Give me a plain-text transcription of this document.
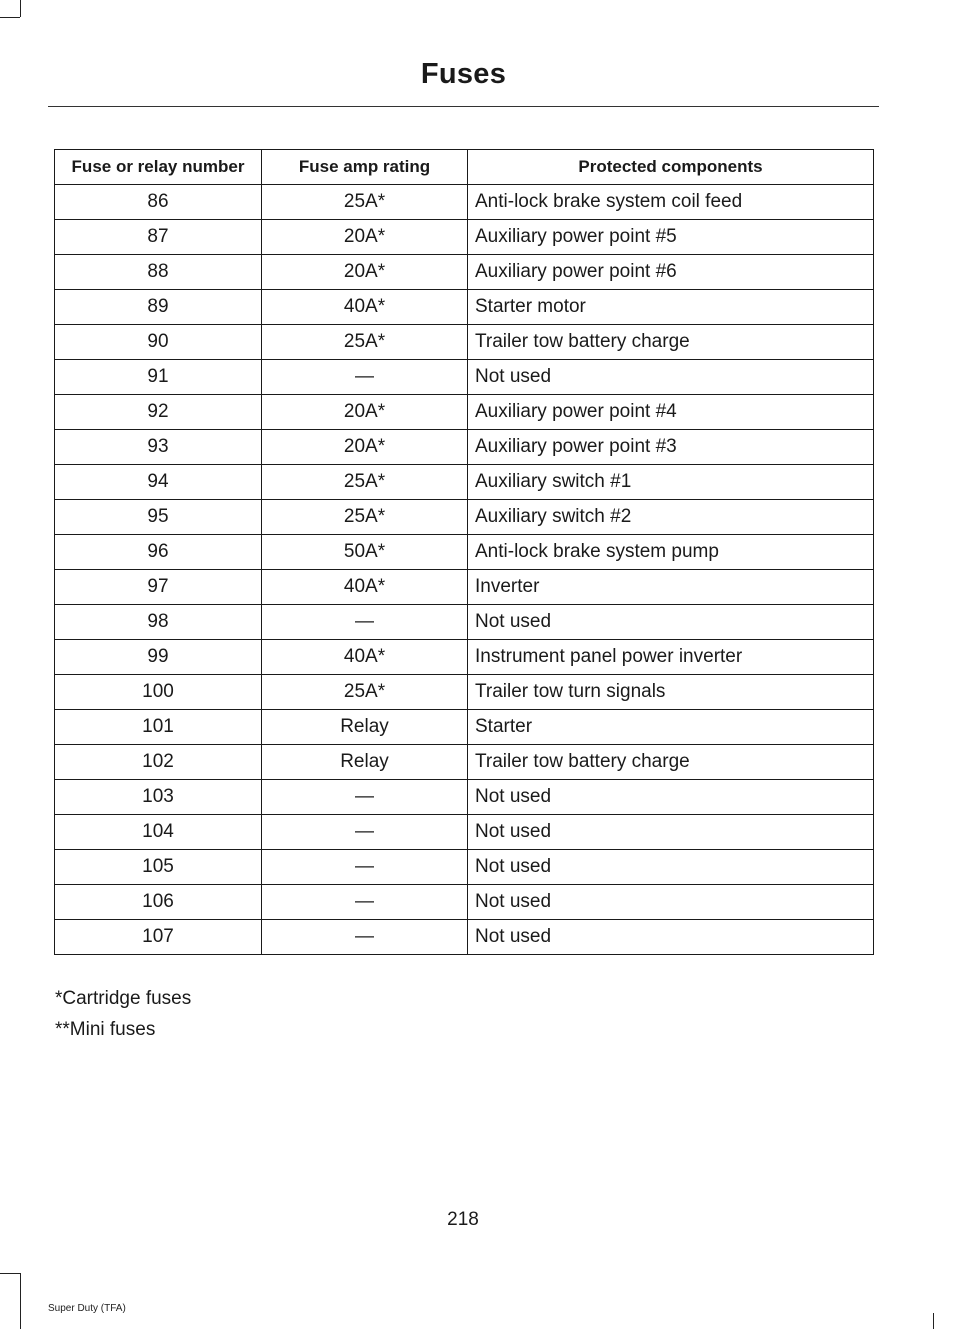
Fuses
Fuse or relay number	Fuse amp rating	Protected components
86	25A*	Anti-lock brake system coil feed
87	20A*	Auxiliary power point #5
88	20A*	Auxiliary power point #6
89	40A*	Starter motor
90	25A*	Trailer tow battery charge
91	—	Not used
92	20A*	Auxiliary power point #4
93	20A*	Auxiliary power point #3
94	25A*	Auxiliary switch #1
95	25A*	Auxiliary switch #2
96	50A*	Anti-lock brake system pump
97	40A*	Inverter
98	—	Not used
99	40A*	Instrument panel power inverter
100	25A*	Trailer tow turn signals
101	Relay	Starter
102	Relay	Trailer tow battery charge
103	—	Not used
104	—	Not used
105	—	Not used
106	—	Not used
107	—	Not used

*Cartridge fuses

**Mini fuses

218
Super Duty (TFA)
